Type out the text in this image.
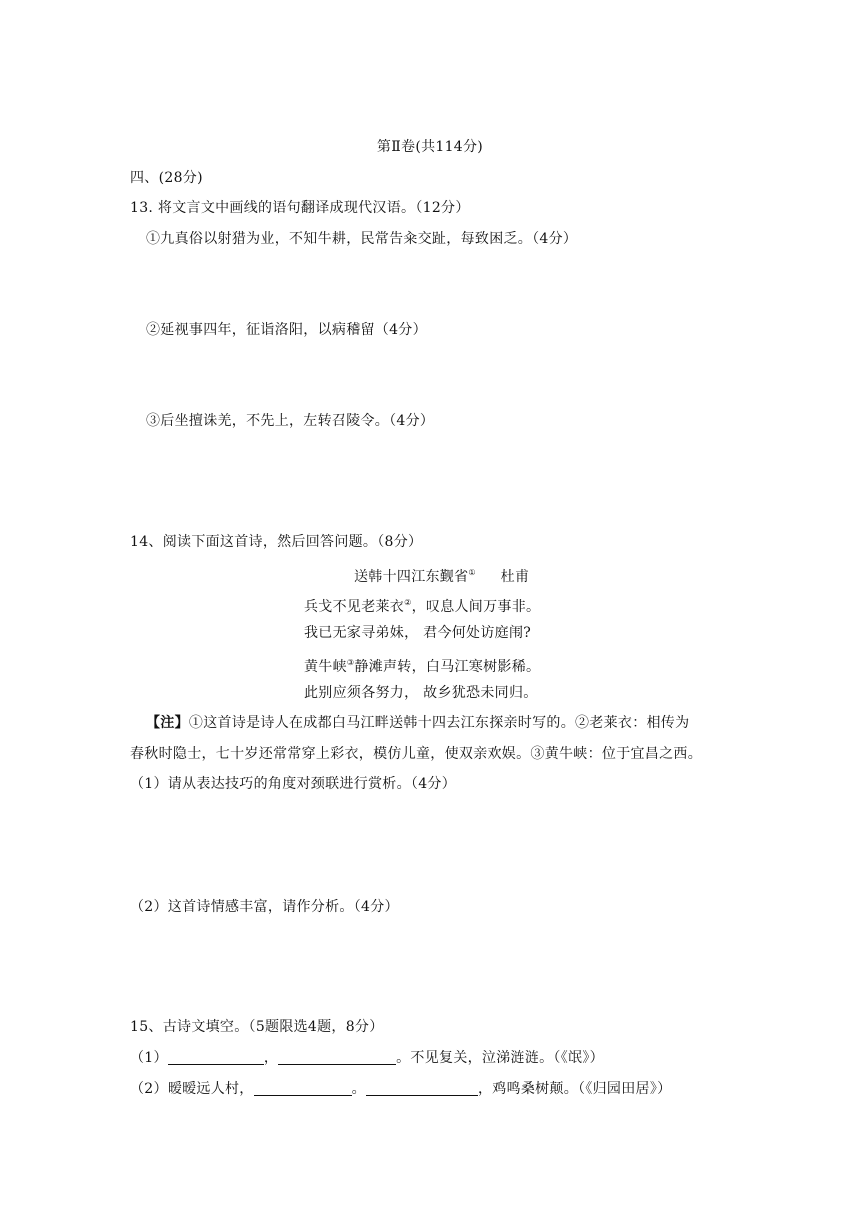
第Ⅱ卷(共114分)
四、(28分)
13. 将文言文中画线的语句翻译成现代汉语。（12分）
①九真俗以射猎为业，不知牛耕，民常告籴交趾，每致困乏。（4分）
②延视事四年，征诣洛阳，以病稽留（4分）
③后坐擅诛羌，不先上，左转召陵令。（4分）
14、阅读下面这首诗，然后回答问题。（8分）
送韩十四江东觐省① 杜甫
兵戈不见老莱衣②，叹息人间万事非。
我已无家寻弟妹， 君今何处访庭闱?
黄牛峡③静滩声转，白马江寒树影稀。
此别应须各努力， 故乡犹恐未同归。
【注】①这首诗是诗人在成都白马江畔送韩十四去江东探亲时写的。②老莱衣：相传为
春秋时隐士，七十岁还常常穿上彩衣，模仿儿童，使双亲欢娱。③黄牛峡：位于宜昌之西。
（1）请从表达技巧的角度对颈联进行赏析。（4分）
（2）这首诗情感丰富，请作分析。（4分）
15、古诗文填空。（5题限选4题，8分）
（1）	，	。不见复关，泣涕涟涟。（《氓》）
（2）暧暧远人村，	。	，鸡鸣桑树颠。（《归园田居》）
